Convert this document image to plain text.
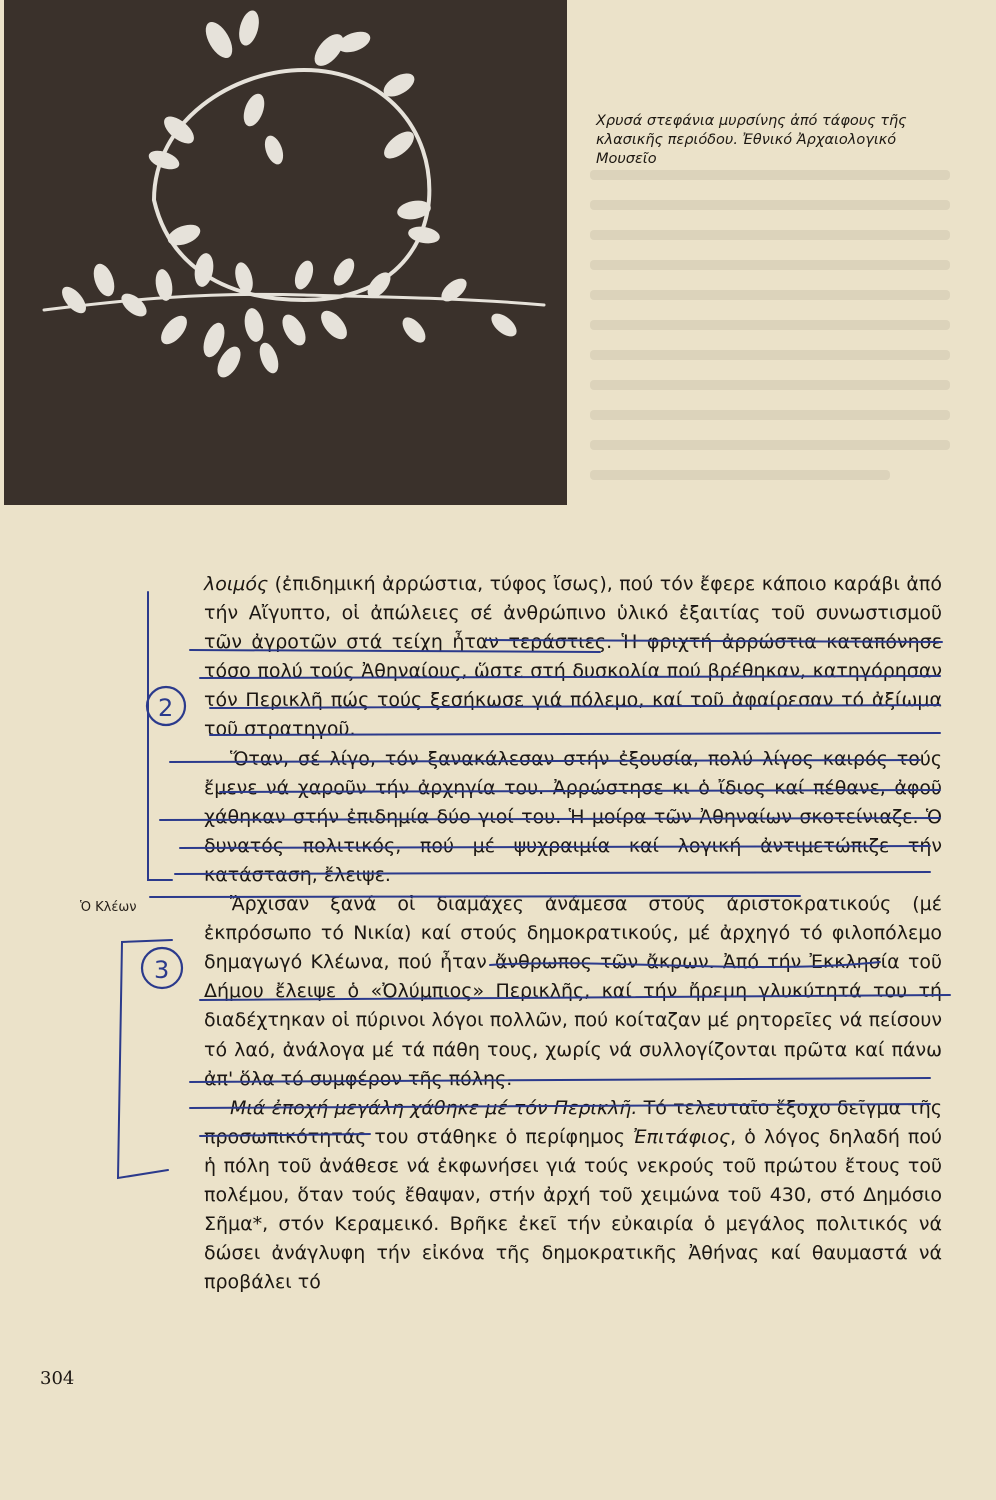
Χρυσά στεφάνια μυρσίνης ἀπό τάφους τῆς κλασικῆς περιόδου. Ἐθνικό Ἀρχαιολογικό Μουσεῖο

λοιμός (ἐπιδημική ἀρρώστια, τύφος ἴσως), πού τόν ἔφερε κάποιο καράβι ἀπό τήν Αἴγυπτο, οἱ ἀπώλειες σέ ἀνθρώπινο ὑλικό ἐξαιτίας τοῦ συνωστισμοῦ τῶν ἀγροτῶν στά τείχη ἦταν τεράστιες. Ἡ φριχτή ἀρρώστια καταπόνησε τόσο πολύ τούς Ἀθηναίους, ὥστε στή δυσκολία πού βρέθηκαν, κατηγόρησαν τόν Περικλῆ πώς τούς ξεσήκωσε γιά πόλεμο, καί τοῦ ἀφαίρεσαν τό ἀξίωμα τοῦ στρατηγοῦ.

Ὅταν, σέ λίγο, τόν ξανακάλεσαν στήν ἐξουσία, πολύ λίγος καιρός τούς ἔμενε νά χαροῦν τήν ἀρχηγία του. Ἀρρώστησε κι ὁ ἴδιος καί πέθανε, ἀφοῦ χάθηκαν στήν ἐπιδημία δύο γιοί του. Ἡ μοίρα τῶν Ἀθηναίων σκοτείνιαζε. Ὁ δυνατός πολιτικός, πού μέ ψυχραιμία καί λογική ἀντιμετώπιζε τήν κατάσταση, ἔλειψε.

Ἄρχισαν ξανά οἱ διαμάχες ἀνάμεσα στούς ἀριστοκρατικούς (μέ ἐκπρόσωπο τό Νικία) καί στούς δημοκρατικούς, μέ ἀρχηγό τό φιλοπόλεμο δημαγωγό Κλέωνα, πού ἦταν ἄνθρωπος τῶν ἄκρων. Ἀπό τήν Ἐκκλησία τοῦ Δήμου ἔλειψε ὁ «Ὀλύμπιος» Περικλῆς, καί τήν ἤρεμη γλυκύτητά του τή διαδέχτηκαν οἱ πύρινοι λόγοι πολλῶν, πού κοίταζαν μέ ρητορεῖες νά πείσουν τό λαό, ἀνάλογα μέ τά πάθη τους, χωρίς νά συλλογίζονται πρῶτα καί πάνω ἀπ' ὅλα τό συμφέρον τῆς πόλης.

Μιά ἐποχή μεγάλη χάθηκε μέ τόν Περικλῆ. Τό τελευταῖο ἔξοχο δεῖγμα τῆς προσωπικότητάς του στάθηκε ὁ περίφημος Ἐπιτάφιος, ὁ λόγος δηλαδή πού ἡ πόλη τοῦ ἀνάθεσε νά ἐκφωνήσει γιά τούς νεκρούς τοῦ πρώτου ἔτους τοῦ πολέμου, ὅταν τούς ἔθαψαν, στήν ἀρχή τοῦ χειμώνα τοῦ 430, στό Δημόσιο Σῆμα*, στόν Κεραμεικό. Βρῆκε ἐκεῖ τήν εὐκαιρία ὁ μεγάλος πολιτικός νά δώσει ἀνάγλυφη τήν εἰκόνα τῆς δημοκρατικῆς Ἀθήνας καί θαυμαστά νά προβάλει τό

Ὁ Κλέων
304
2
3
